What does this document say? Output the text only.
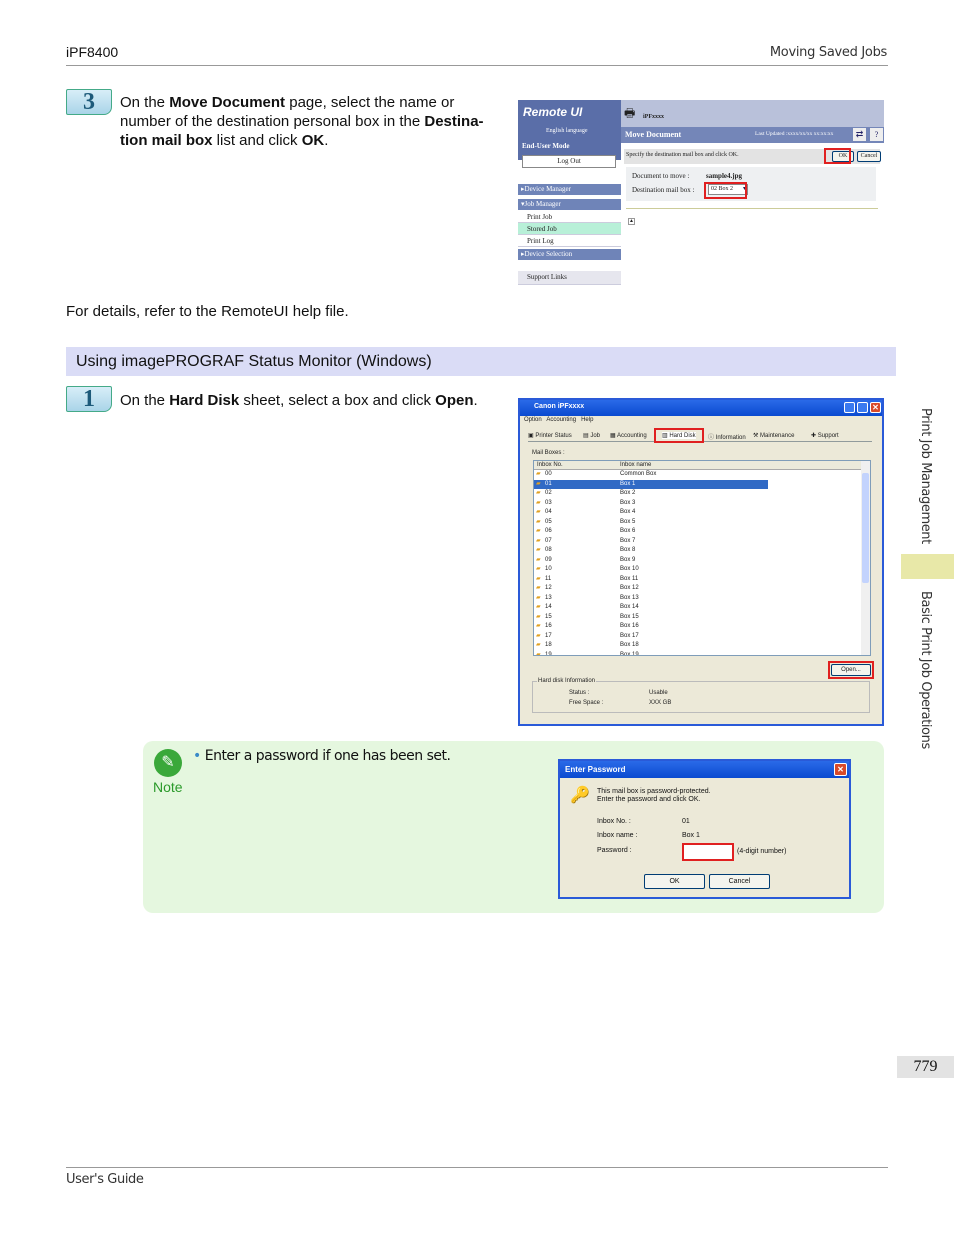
iPF8400	Moving Saved Jobs
3	On the Move Document page, select the name or number of the destination personal box in the Destina-tion mail box list and click OK.
Remote UI
English language
End-User Mode
Log Out
▸Device Manager
▾Job Manager
Print Job
Stored Job
Print Log
▸Device Selection
Support Links
🖶 iPFxxxx
Move Document	Last Updated :xxxx/xx/xx xx:xx:xx	⇄	?
Specify the destination mail box and click OK.	OK	Cancel
Document to move : sample4.jpg
Destination mail box :	02 Box 2 ▾
▲
For details, refer to the RemoteUI help file.
Using imagePROGRAF Status Monitor (Windows)
1	On the Hard Disk sheet, select a box and click Open.	Canon iPFxxxx	✕
Option Accounting Help
▣ Printer Status ▤ Job ▦ Accounting	▥ Hard Disk ⓘ Information ⚒ Maintenance	✚ Support
Mail Boxes :
Inbox No.	Inbox name
▰ 00	Common Box
▰ 01	Box 1
▰ 02	Box 2
▰ 03	Box 3
▰ 04	Box 4
▰ 05	Box 5
▰ 06	Box 6
▰ 07	Box 7
▰ 08	Box 8
▰ 09	Box 9
▰ 10	Box 10
▰ 11	Box 11
▰ 12	Box 12
▰ 13	Box 13
▰ 14	Box 14
▰ 15	Box 15
▰ 16	Box 16
▰ 17	Box 17
▰ 18	Box 18
▰ 19	Box 19
Open...
Hard disk Information
Status :	Usable
Free Space :	XXX GB
✎
Note
• Enter a password if one has been set.
Enter Password	✕
🔑 This mail box is password-protected.
Enter the password and click OK.
Inbox No. :	01
Inbox name :	Box 1
Password :	(4-digit number)
OK	Cancel
Print Job Management
Basic Print Job Operations
779
User's Guide
